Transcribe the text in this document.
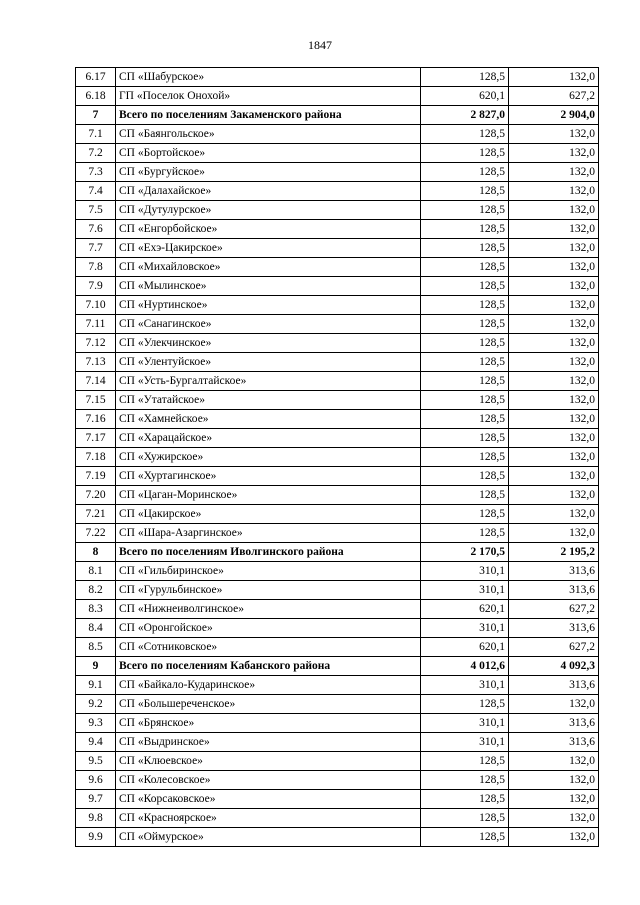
1847
6.17	СП «Шабурское»	128,5	132,0
6.18	ГП «Поселок Онохой»	620,1	627,2
7	Всего по поселениям Закаменского района	2 827,0	2 904,0
7.1	СП «Баянгольское»	128,5	132,0
7.2	СП «Бортойское»	128,5	132,0
7.3	СП «Бургуйское»	128,5	132,0
7.4	СП «Далахайское»	128,5	132,0
7.5	СП «Дутулурское»	128,5	132,0
7.6	СП «Енгорбойское»	128,5	132,0
7.7	СП «Ехэ-Цакирское»	128,5	132,0
7.8	СП «Михайловское»	128,5	132,0
7.9	СП «Мылинское»	128,5	132,0
7.10	СП «Нуртинское»	128,5	132,0
7.11	СП «Санагинское»	128,5	132,0
7.12	СП «Улекчинское»	128,5	132,0
7.13	СП «Улентуйское»	128,5	132,0
7.14	СП «Усть-Бургалтайское»	128,5	132,0
7.15	СП «Утатайское»	128,5	132,0
7.16	СП «Хамнейское»	128,5	132,0
7.17	СП «Харацайское»	128,5	132,0
7.18	СП «Хужирское»	128,5	132,0
7.19	СП «Хуртагинское»	128,5	132,0
7.20	СП «Цаган-Моринское»	128,5	132,0
7.21	СП «Цакирское»	128,5	132,0
7.22	СП «Шара-Азаргинское»	128,5	132,0
8	Всего по поселениям Иволгинского района	2 170,5	2 195,2
8.1	СП «Гильбиринское»	310,1	313,6
8.2	СП «Гурульбинское»	310,1	313,6
8.3	СП «Нижнеиволгинское»	620,1	627,2
8.4	СП «Оронгойское»	310,1	313,6
8.5	СП «Сотниковское»	620,1	627,2
9	Всего по поселениям Кабанского района	4 012,6	4 092,3
9.1	СП «Байкало-Кударинское»	310,1	313,6
9.2	СП «Большереченское»	128,5	132,0
9.3	СП «Брянское»	310,1	313,6
9.4	СП «Выдринское»	310,1	313,6
9.5	СП «Клюевское»	128,5	132,0
9.6	СП «Колесовское»	128,5	132,0
9.7	СП «Корсаковское»	128,5	132,0
9.8	СП «Красноярское»	128,5	132,0
9.9	СП «Оймурское»	128,5	132,0
